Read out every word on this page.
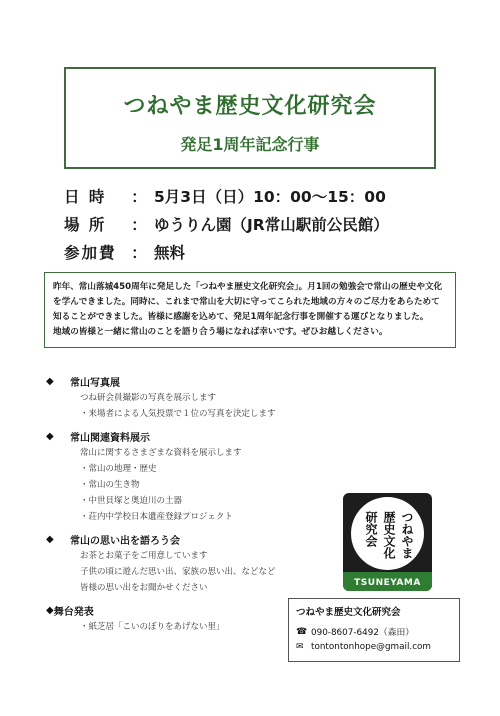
つねやま歴史文化研究会
発足1周年記念行事
日 時	： 5月3日（日）10：00〜15：00
場 所	： ゆうりん園（JR常山駅前公民館）
参加費 ： 無料
昨年、常山落城450周年に発足した「つねやま歴史文化研究会」。月1回の勉強会で常山の歴史や文化
を学んできました。同時に、これまで常山を大切に守ってこられた地域の方々のご尽力をあらためて
知ることができました。皆様に感謝を込めて、発足1周年記念行事を開催する運びとなりました。
地域の皆様と一緒に常山のことを語り合う場になれば幸いです。ぜひお越しください。
◆	常山写真展
つね研会員撮影の写真を展示します
・来場者による人気投票で１位の写真を決定します
◆	常山関連資料展示
常山に関するさまざまな資料を展示します
・常山の地理・歴史
・常山の生き物
・中世貝塚と奥迫川の土器
・荘内中学校日本遺産登録プロジェクト
◆	常山の思い出を語ろう会
お茶とお菓子をご用意しています
子供の頃に遊んだ思い出、家族の思い出、などなど
皆様の思い出をお聞かせください
◆ 舞台発表
・紙芝居「こいのぼりをあげない里」
つねやま
歴史文化
研究会
TSUNEYAMA
つねやま歴史文化研究会
☎ 090-8607-6492（森田）
✉ tontontonhope@gmail.com
